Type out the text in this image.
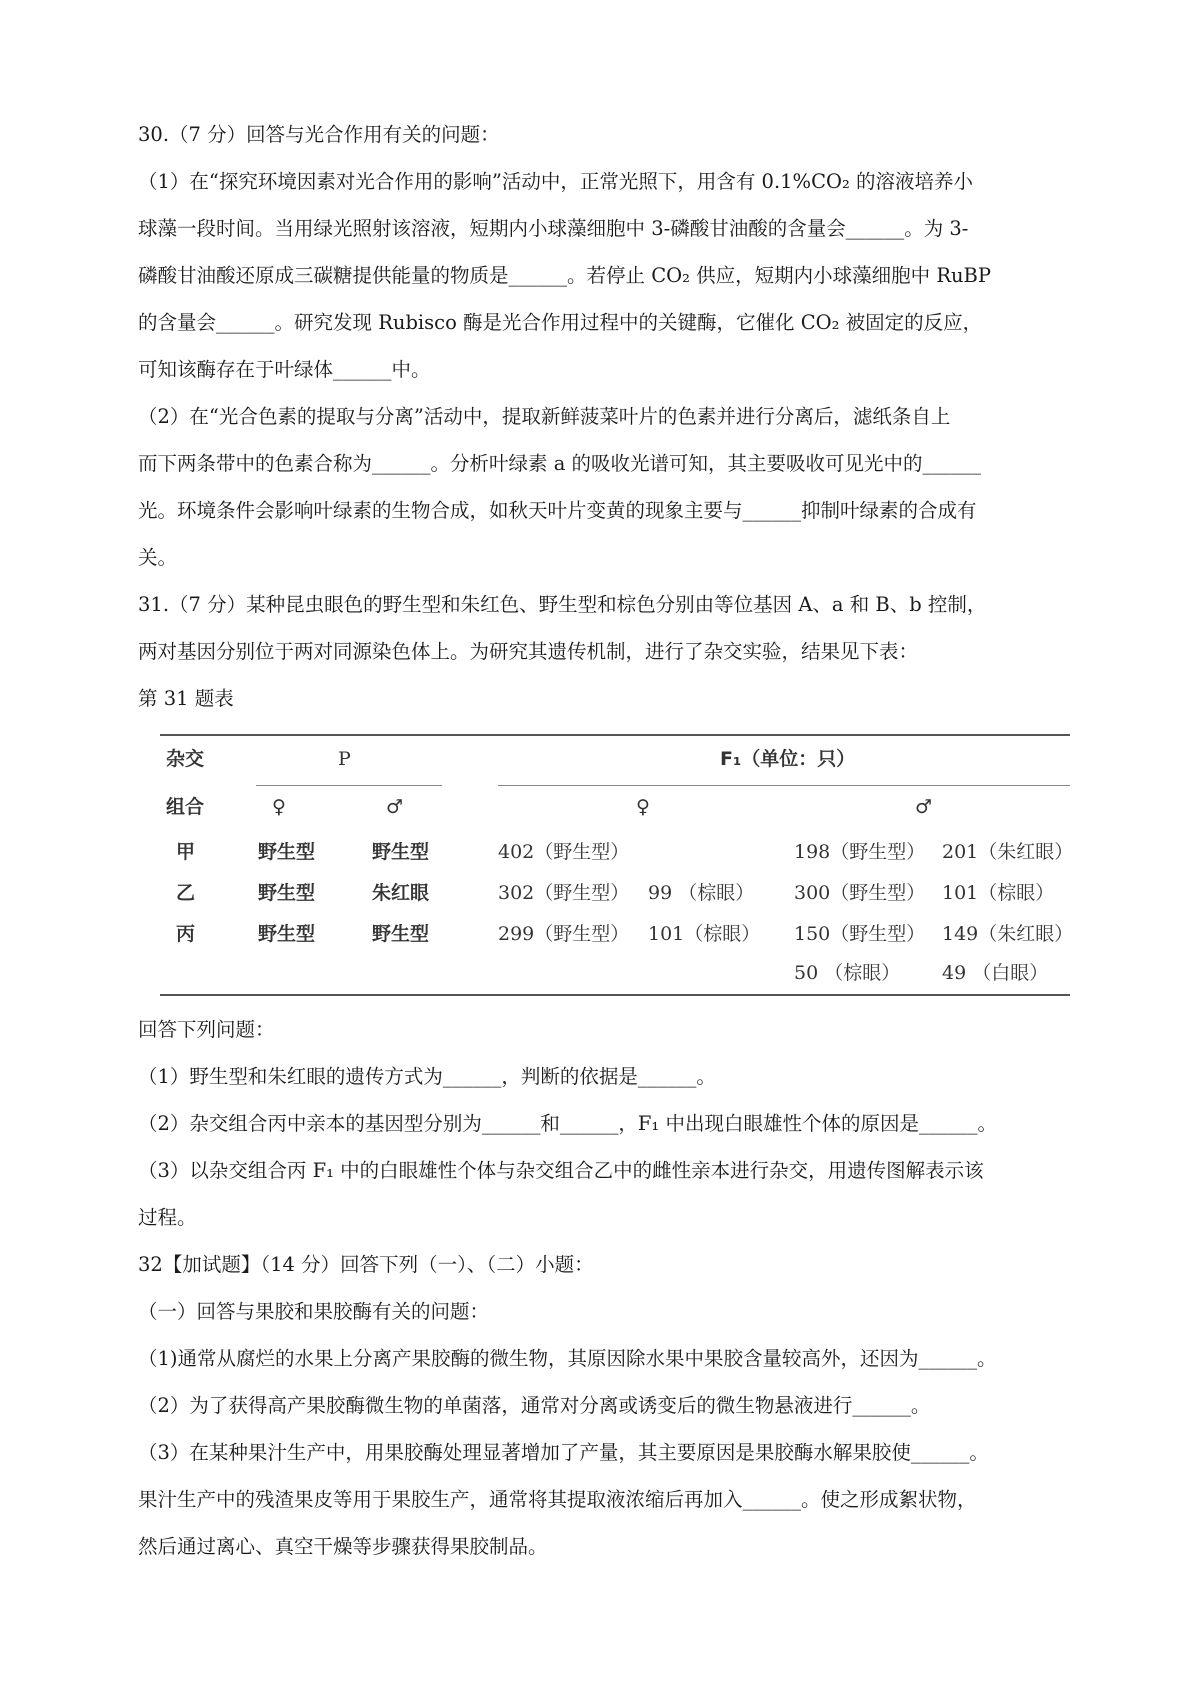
30.（7 分）回答与光合作用有关的问题：
（1）在“探究环境因素对光合作用的影响”活动中，正常光照下，用含有 0.1%CO₂ 的溶液培养小
球藻一段时间。当用绿光照射该溶液，短期内小球藻细胞中 3-磷酸甘油酸的含量会______。为 3-
磷酸甘油酸还原成三碳糖提供能量的物质是______。若停止 CO₂ 供应，短期内小球藻细胞中 RuBP
的含量会______。研究发现 Rubisco 酶是光合作用过程中的关键酶，它催化 CO₂ 被固定的反应，
可知该酶存在于叶绿体______中。
（2）在“光合色素的提取与分离”活动中，提取新鲜菠菜叶片的色素并进行分离后，滤纸条自上
而下两条带中的色素合称为______。分析叶绿素 a 的吸收光谱可知，其主要吸收可见光中的______
光。环境条件会影响叶绿素的生物合成，如秋天叶片变黄的现象主要与______抑制叶绿素的合成有
关。
31.（7 分）某种昆虫眼色的野生型和朱红色、野生型和棕色分别由等位基因 A、a 和 B、b 控制，
两对基因分别位于两对同源染色体上。为研究其遗传机制，进行了杂交实验，结果见下表：
第 31 题表
杂交	P	F₁（单位：只）
组合	♀	♂	♀	♂
甲	野生型	野生型	402（野生型）	198（野生型） 201（朱红眼）
乙	野生型	朱红眼	302（野生型） 99 （棕眼） 300（野生型） 101（棕眼）
丙	野生型	野生型	299（野生型） 101（棕眼） 150（野生型） 149（朱红眼）
50 （棕眼） 49 （白眼）
回答下列问题：
（1）野生型和朱红眼的遗传方式为______，判断的依据是______。
（2）杂交组合丙中亲本的基因型分别为______和______，F₁ 中出现白眼雄性个体的原因是______。
（3）以杂交组合丙 F₁ 中的白眼雄性个体与杂交组合乙中的雌性亲本进行杂交，用遗传图解表示该
过程。
32【加试题】（14 分）回答下列（一）、（二）小题：
（一）回答与果胶和果胶酶有关的问题：
（1)通常从腐烂的水果上分离产果胶酶的微生物，其原因除水果中果胶含量较高外，还因为______。
（2）为了获得高产果胶酶微生物的单菌落，通常对分离或诱变后的微生物悬液进行______。
（3）在某种果汁生产中，用果胶酶处理显著增加了产量，其主要原因是果胶酶水解果胶使______。
果汁生产中的残渣果皮等用于果胶生产，通常将其提取液浓缩后再加入______。使之形成絮状物，
然后通过离心、真空干燥等步骤获得果胶制品。
